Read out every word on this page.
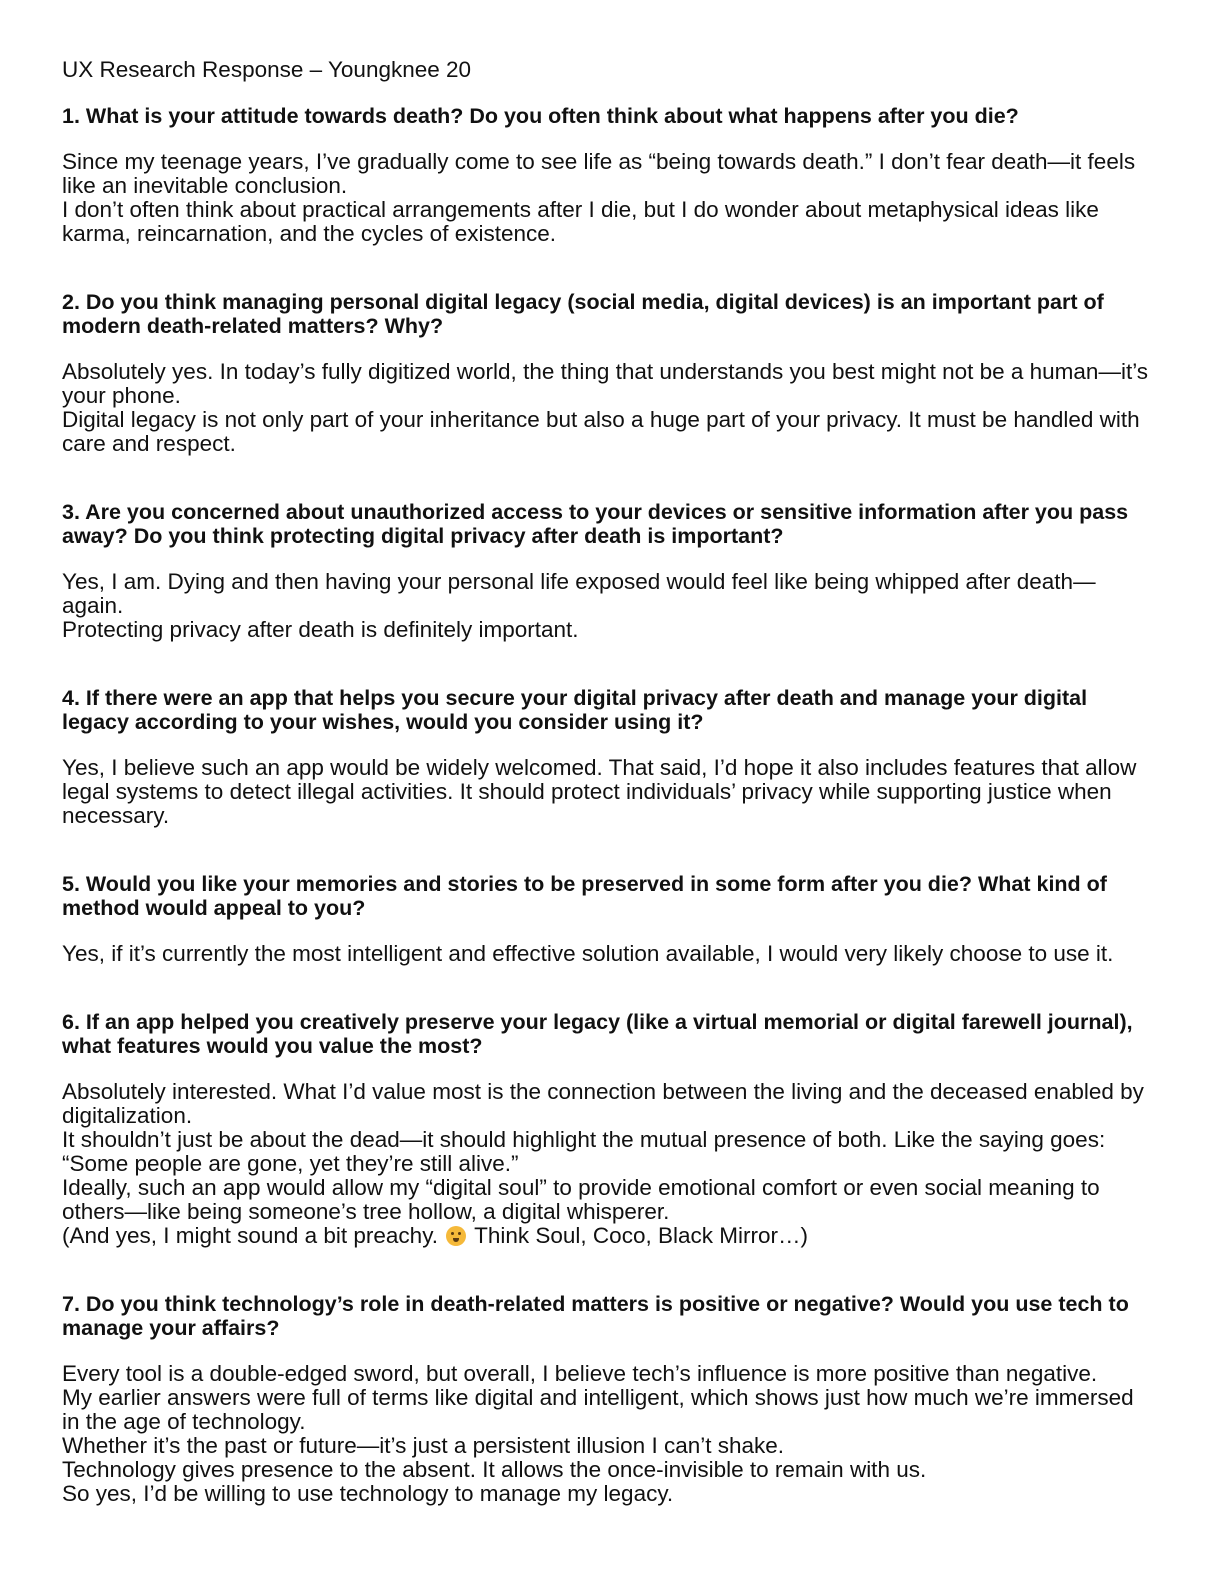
UX Research Response – Youngknee 20

1. What is your attitude towards death? Do you often think about what happens after you die?

Since my teenage years, I’ve gradually come to see life as “being towards death.” I don’t fear death—it feels like an inevitable conclusion.

I don’t often think about practical arrangements after I die, but I do wonder about metaphysical ideas like karma, reincarnation, and the cycles of existence.

2. Do you think managing personal digital legacy (social media, digital devices) is an important part of modern death-related matters? Why?

Absolutely yes. In today’s fully digitized world, the thing that understands you best might not be a human—it’s your phone.

Digital legacy is not only part of your inheritance but also a huge part of your privacy. It must be handled with care and respect.

3. Are you concerned about unauthorized access to your devices or sensitive information after you pass away? Do you think protecting digital privacy after death is important?

Yes, I am. Dying and then having your personal life exposed would feel like being whipped after death—again.

Protecting privacy after death is definitely important.

4. If there were an app that helps you secure your digital privacy after death and manage your digital legacy according to your wishes, would you consider using it?

Yes, I believe such an app would be widely welcomed. That said, I’d hope it also includes features that allow legal systems to detect illegal activities. It should protect individuals’ privacy while supporting justice when necessary.

5. Would you like your memories and stories to be preserved in some form after you die? What kind of method would appeal to you?

Yes, if it’s currently the most intelligent and effective solution available, I would very likely choose to use it.

6. If an app helped you creatively preserve your legacy (like a virtual memorial or digital farewell journal), what features would you value the most?

Absolutely interested. What I’d value most is the connection between the living and the deceased enabled by digitalization.

It shouldn’t just be about the dead—it should highlight the mutual presence of both. Like the saying goes: “Some people are gone, yet they’re still alive.”

Ideally, such an app would allow my “digital soul” to provide emotional comfort or even social meaning to others—like being someone’s tree hollow, a digital whisperer.

(And yes, I might sound a bit preachy.
Think Soul, Coco, Black Mirror…)

7. Do you think technology’s role in death-related matters is positive or negative? Would you use tech to manage your affairs?

Every tool is a double-edged sword, but overall, I believe tech’s influence is more positive than negative.

My earlier answers were full of terms like digital and intelligent, which shows just how much we’re immersed in the age of technology.

Whether it’s the past or future—it’s just a persistent illusion I can’t shake.

Technology gives presence to the absent. It allows the once-invisible to remain with us.

So yes, I’d be willing to use technology to manage my legacy.
